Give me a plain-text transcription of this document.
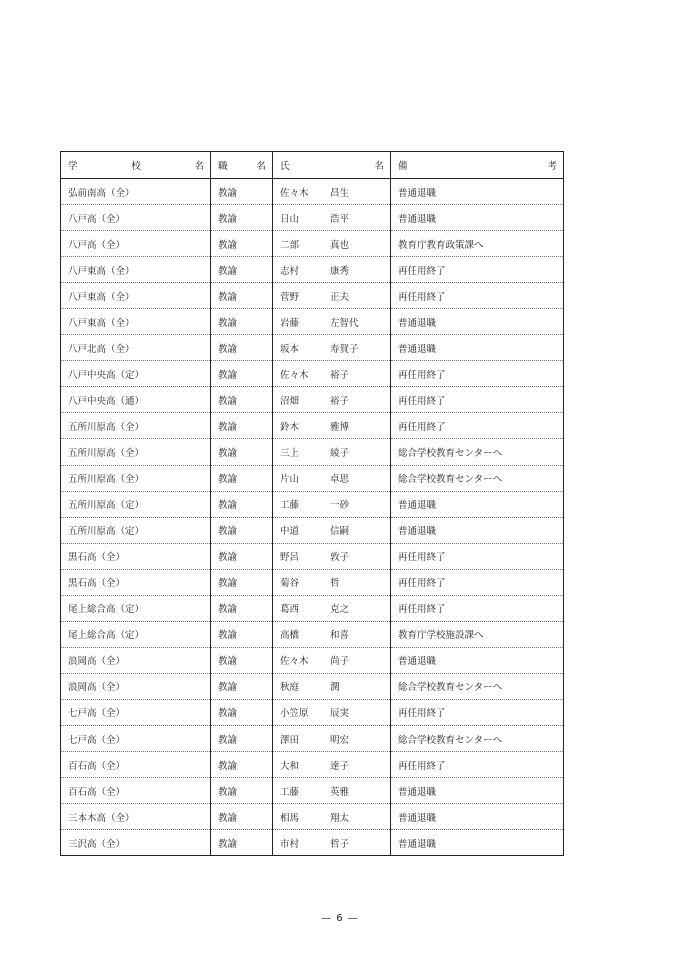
学 校 名	職 名	氏 名	備 考

弘前南高（全）	教諭	佐々木 昌生	普通退職
八戸高（全）	教諭	日山 浩平	普通退職
八戸高（全）	教諭	二部 真也	教育庁教育政策課へ
八戸東高（全）	教諭	志村 康秀	再任用終了
八戸東高（全）	教諭	菅野 正夫	再任用終了
八戸東高（全）	教諭	岩藤 左智代	普通退職
八戸北高（全）	教諭	坂本 寿賀子	普通退職
八戸中央高（定）	教諭	佐々木 裕子	再任用終了
八戸中央高（通）	教諭	沼畑 裕子	再任用終了
五所川原高（全）	教諭	鈴木 雅博	再任用終了
五所川原高（全）	教諭	三上 綾子	総合学校教育センターへ
五所川原高（全）	教諭	片山 卓思	総合学校教育センターへ
五所川原高（定）	教諭	工藤 一砂	普通退職
五所川原高（定）	教諭	中道 信嗣	普通退職
黒石高（全）	教諭	野呂 敦子	再任用終了
黒石高（全）	教諭	菊谷 哲	再任用終了
尾上総合高（定）	教諭	葛西 克之	再任用終了
尾上総合高（定）	教諭	高橋 和喜	教育庁学校施設課へ
浪岡高（全）	教諭	佐々木 尚子	普通退職
浪岡高（全）	教諭	秋庭 潤	総合学校教育センターへ
七戸高（全）	教諭	小笠原 辰実	再任用終了
七戸高（全）	教諭	澤田 明宏	総合学校教育センターへ
百石高（全）	教諭	大和 達子	再任用終了
百石高（全）	教諭	工藤 英雅	普通退職
三本木高（全）	教諭	相馬 翔太	普通退職
三沢高（全）	教諭	市村 哲子	普通退職
— 6 —
